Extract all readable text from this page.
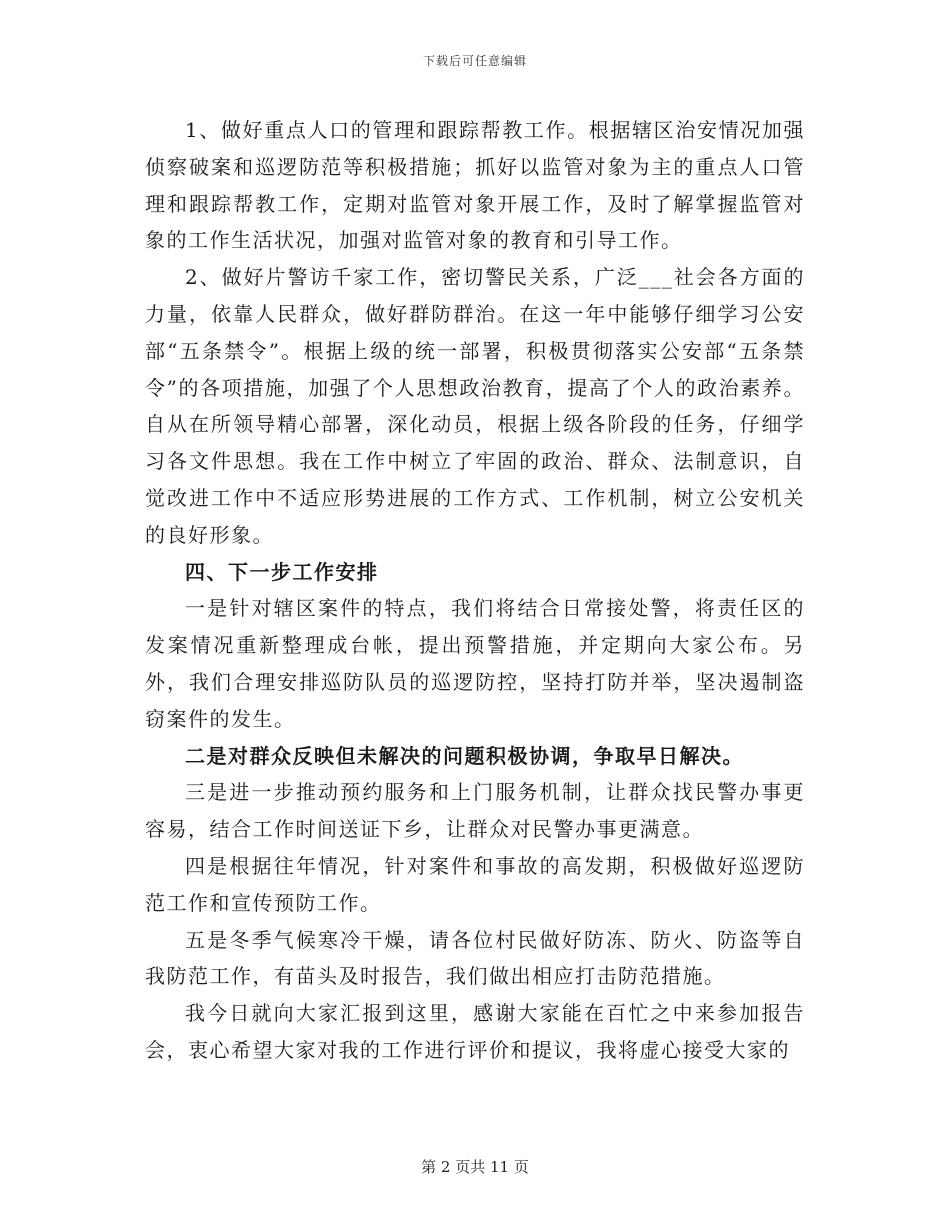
下载后可任意编辑

1、做好重点人口的管理和跟踪帮教工作。根据辖区治安情况加强侦察破案和巡逻防范等积极措施；抓好以监管对象为主的重点人口管理和跟踪帮教工作，定期对监管对象开展工作，及时了解掌握监管对象的工作生活状况，加强对监管对象的教育和引导工作。

2、做好片警访千家工作，密切警民关系，广泛___社会各方面的力量，依靠人民群众，做好群防群治。在这一年中能够仔细学习公安部“五条禁令”。根据上级的统一部署，积极贯彻落实公安部“五条禁令”的各项措施，加强了个人思想政治教育，提高了个人的政治素养。自从在所领导精心部署，深化动员，根据上级各阶段的任务，仔细学习各文件思想。我在工作中树立了牢固的政治、群众、法制意识，自觉改进工作中不适应形势进展的工作方式、工作机制，树立公安机关的良好形象。

四、下一步工作安排

一是针对辖区案件的特点，我们将结合日常接处警，将责任区的发案情况重新整理成台帐，提出预警措施，并定期向大家公布。另外，我们合理安排巡防队员的巡逻防控，坚持打防并举，坚决遏制盗窃案件的发生。

二是对群众反映但未解决的问题积极协调，争取早日解决。

三是进一步推动预约服务和上门服务机制，让群众找民警办事更容易，结合工作时间送证下乡，让群众对民警办事更满意。

四是根据往年情况，针对案件和事故的高发期，积极做好巡逻防范工作和宣传预防工作。

五是冬季气候寒冷干燥，请各位村民做好防冻、防火、防盗等自我防范工作，有苗头及时报告，我们做出相应打击防范措施。

我今日就向大家汇报到这里，感谢大家能在百忙之中来参加报告会，衷心希望大家对我的工作进行评价和提议，我将虚心接受大家的

第 2 页共 11 页
